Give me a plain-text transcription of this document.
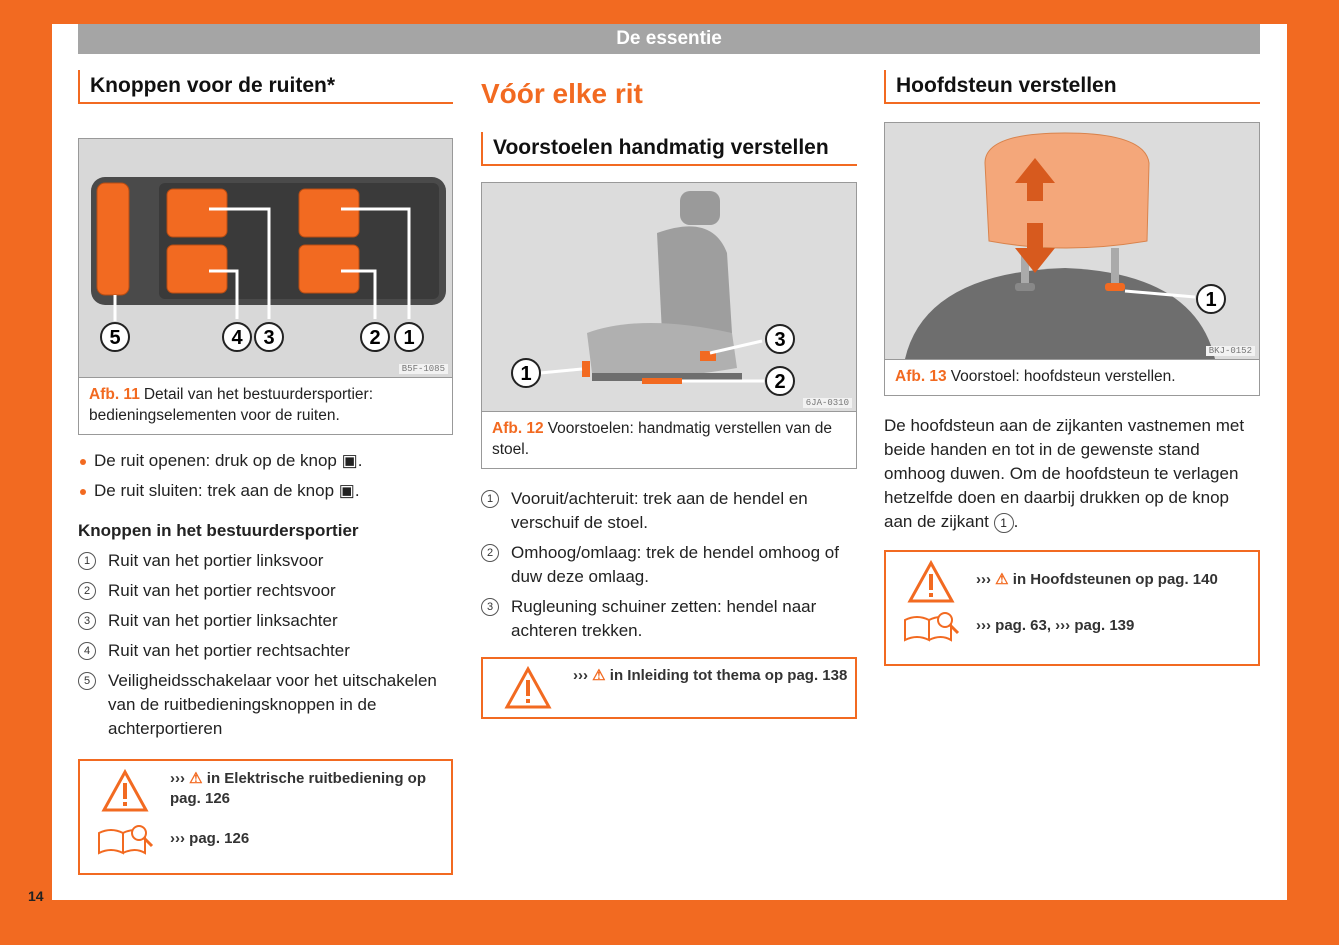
De essentie
Knoppen voor de ruiten*
5	4 3	2 1
B5F-1085
Afb. 11 Detail van het bestuurdersportier: bedieningselementen voor de ruiten.
De ruit openen: druk op de knop ▣.
De ruit sluiten: trek aan de knop ▣.
Knoppen in het bestuurdersportier
1	Ruit van het portier linksvoor
2	Ruit van het portier rechtsvoor
3	Ruit van het portier linksachter
4	Ruit van het portier rechtsachter
5	Veiligheidsschakelaar voor het uitschakelen van de ruitbedieningsknoppen in de achterportieren
››› ⚠ in Elektrische ruitbediening op pag. 126
››› pag. 126
Vóór elke rit
Voorstoelen handmatig verstellen
1	2
3
6JA-0310
Afb. 12 Voorstoelen: handmatig verstellen van de stoel.
1	Vooruit/achteruit: trek aan de hendel en verschuif de stoel.
2	Omhoog/omlaag: trek de hendel omhoog of duw deze omlaag.
3	Rugleuning schuiner zetten: hendel naar achteren trekken.
››› ⚠ in Inleiding tot thema op pag. 138
Hoofdsteun verstellen
1
BKJ-0152
Afb. 13 Voorstoel: hoofdsteun verstellen.

De hoofdsteun aan de zijkanten vastnemen met beide handen en tot in de gewenste stand omhoog duwen. Om de hoofdsteun te verlagen hetzelfde doen en daarbij drukken op de knop aan de zijkant 1 .

››› ⚠ in Hoofdsteunen op pag. 140
››› pag. 63, ››› pag. 139
14
